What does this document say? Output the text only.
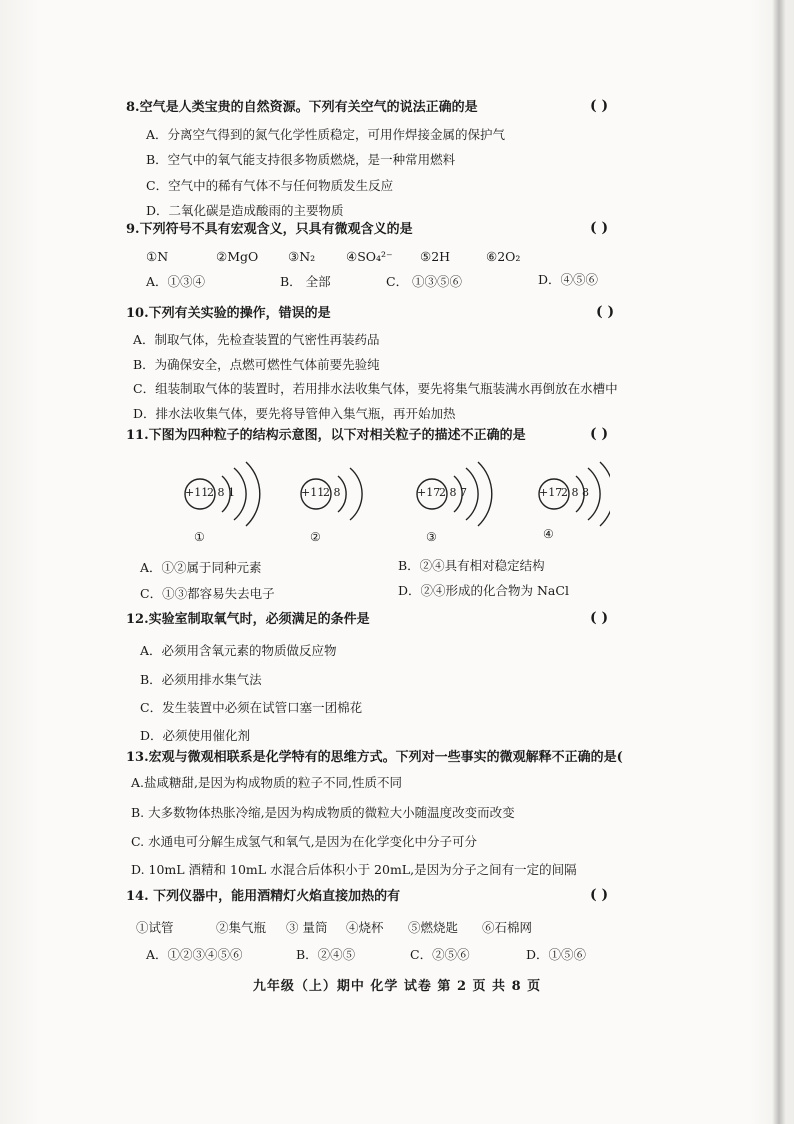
8.空气是人类宝贵的自然资源。下列有关空气的说法正确的是	( )
A．分离空气得到的氮气化学性质稳定，可用作焊接金属的保护气
B．空气中的氧气能支持很多物质燃烧，是一种常用燃料
C．空气中的稀有气体不与任何物质发生反应
D．二氧化碳是造成酸雨的主要物质
9.下列符号不具有宏观含义，只具有微观含义的是	( )
①N	②MgO ③N₂ ④SO₄²⁻ ⑤2H	⑥2O₂
A．①③④	B． 全部	C． ①③⑤⑥	D．④⑤⑥
10.下列有关实验的操作，错误的是	( )
A．制取气体，先检查装置的气密性再装药品
B．为确保安全，点燃可燃性气体前要先验纯
C．组装制取气体的装置时，若用排水法收集气体，要先将集气瓶装满水再倒放在水槽中
D．排水法收集气体，要先将导管伸入集气瓶，再开始加热
11.下图为四种粒子的结构示意图，以下对相关粒子的描述不正确的是	( )
+11
2 8 1
①
+11
2 8
②
+17
2 8 7
③
+17
2 8 8
④
A．①②属于同种元素	B．②④具有相对稳定结构
C．①③都容易失去电子	D．②④形成的化合物为 NaCl
12.实验室制取氧气时，必须满足的条件是	( )
A．必须用含氧元素的物质做反应物
B．必须用排水集气法
C．发生装置中必须在试管口塞一团棉花
D．必须使用催化剂
13.宏观与微观相联系是化学特有的思维方式。下列对一些事实的微观解释不正确的是(
A.盐咸糖甜,是因为构成物质的粒子不同,性质不同
B. 大多数物体热胀冷缩,是因为构成物质的微粒大小随温度改变而改变
C. 水通电可分解生成氢气和氧气,是因为在化学变化中分子可分
D. 10mL 酒精和 10mL 水混合后体积小于 20mL,是因为分子之间有一定的间隔
14. 下列仪器中，能用酒精灯火焰直接加热的有	( )
①试管	②集气瓶 ③ 量筒 ④烧杯 ⑤燃烧匙 ⑥石棉网
A．①②③④⑤⑥	B．②④⑤	C．②⑤⑥	D．①⑤⑥
九年级（上）期中 化学 试卷 第 2 页 共 8 页
